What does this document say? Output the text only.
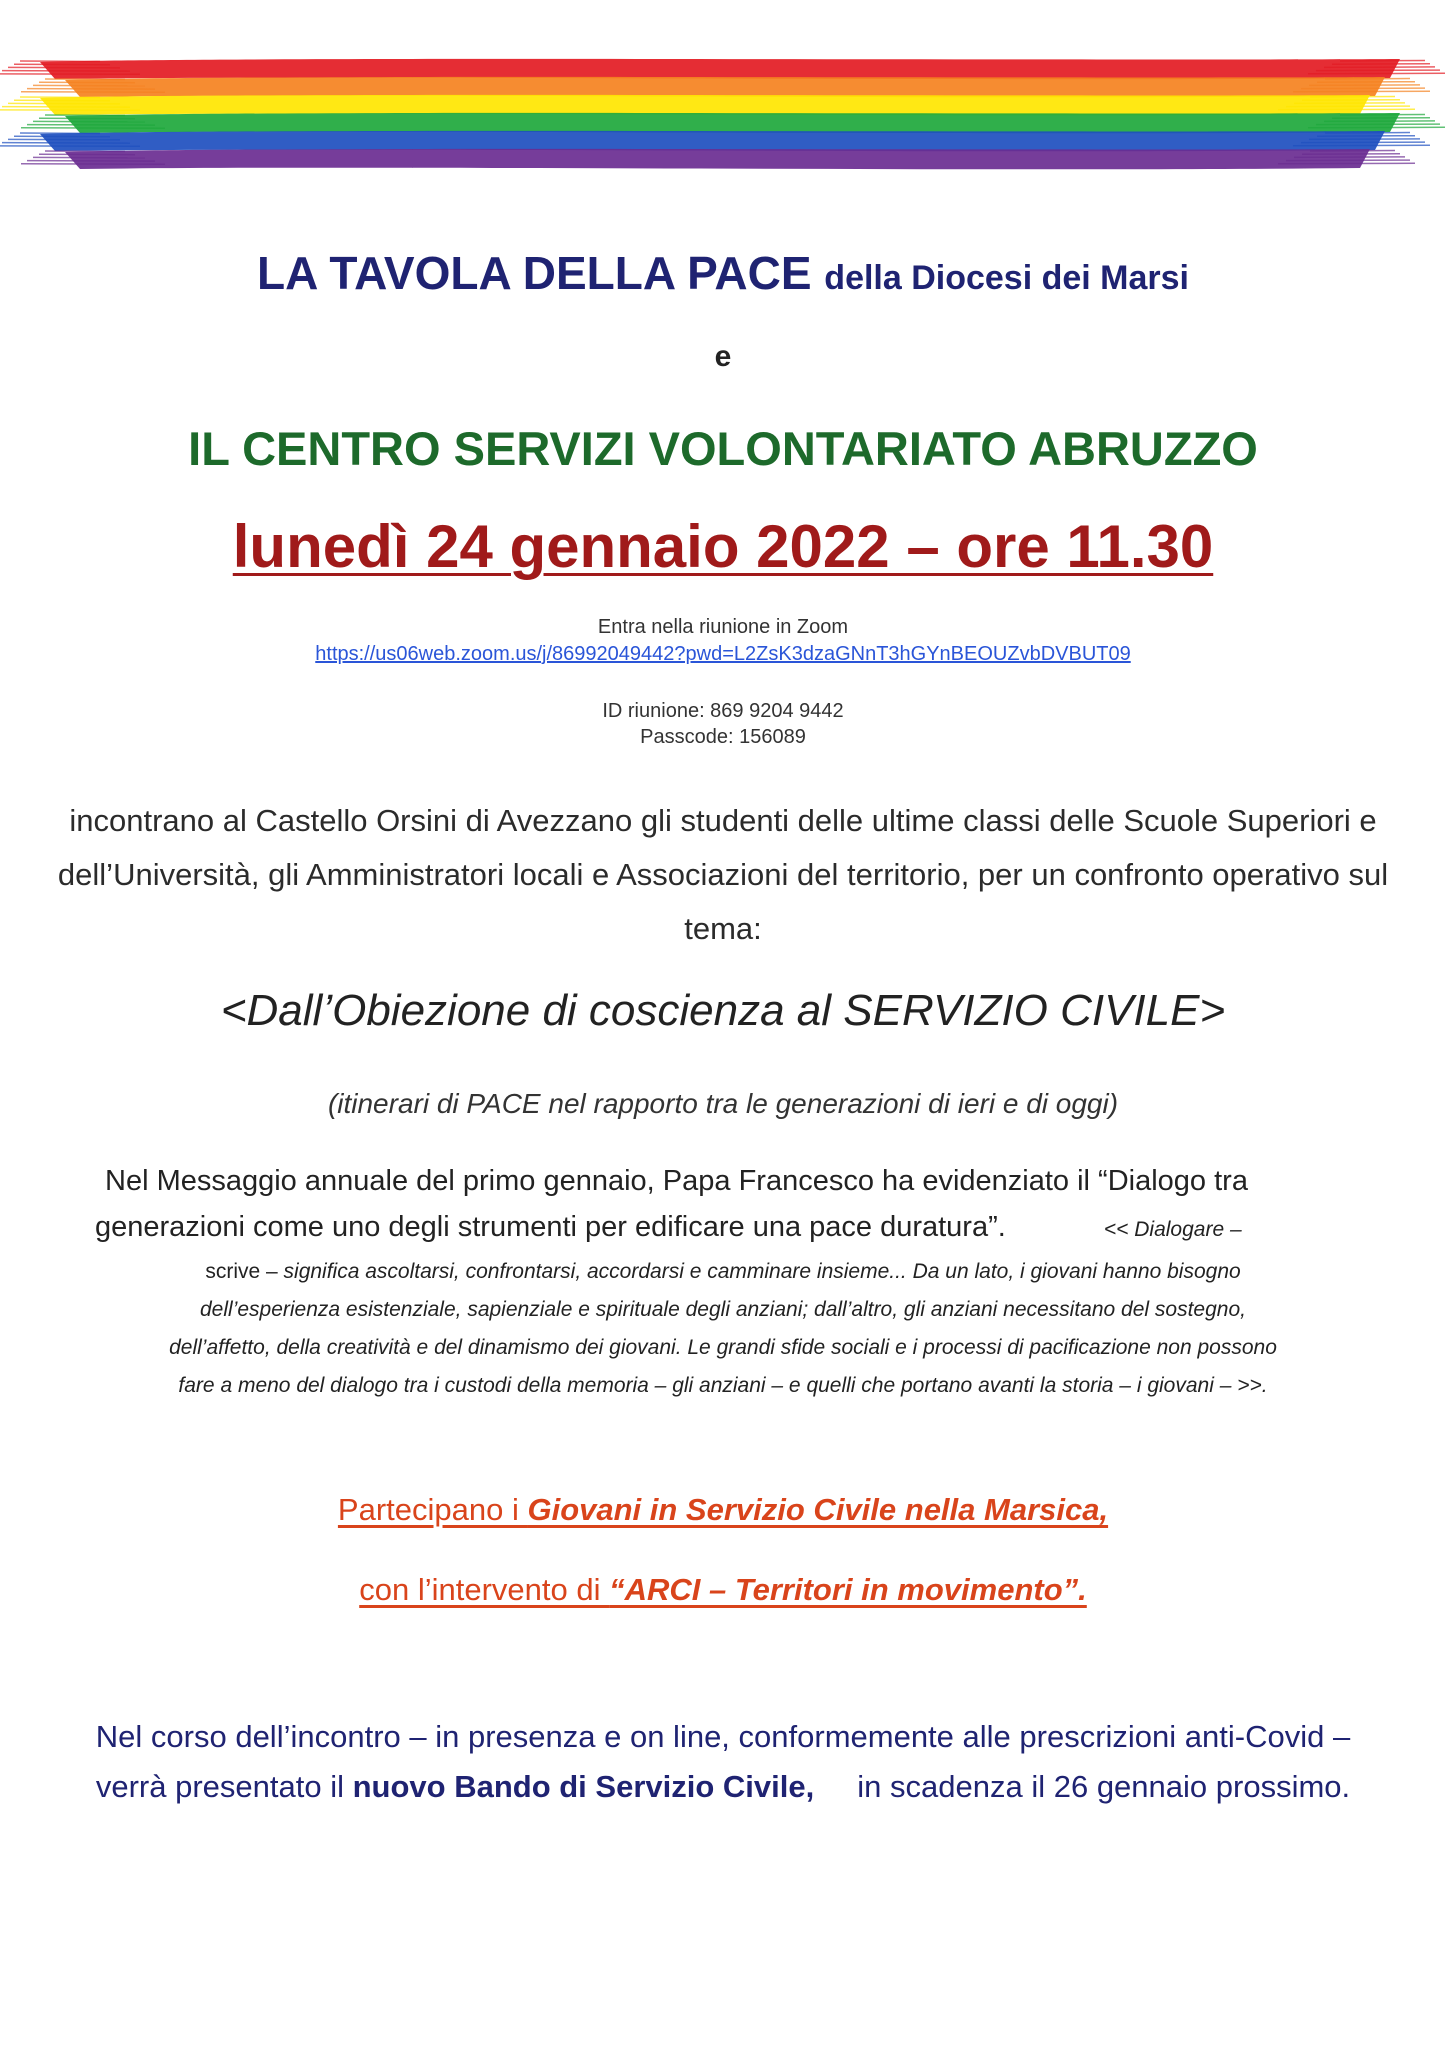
LA TAVOLA DELLA PACE della Diocesi dei Marsi
e
IL CENTRO SERVIZI VOLONTARIATO ABRUZZO
lunedì 24 gennaio 2022 – ore 11.30
Entra nella riunione in Zoom
https://us06web.zoom.us/j/86992049442?pwd=L2ZsK3dzaGNnT3hGYnBEOUZvbDVBUT09
ID riunione: 869 9204 9442
Passcode: 156089
incontrano al Castello Orsini di Avezzano gli studenti delle ultime classi delle Scuole Superiori e dell’Università, gli Amministratori locali e Associazioni del territorio, per un confronto operativo sul tema:
<Dall’Obiezione di coscienza al SERVIZIO CIVILE>
(itinerari di PACE nel rapporto tra le generazioni di ieri e di oggi)
Nel Messaggio annuale del primo gennaio, Papa Francesco ha evidenziato il “Dialogo tra
generazioni come uno degli strumenti per edificare una pace duratura”.	<< Dialogare –
scrive – significa ascoltarsi, confrontarsi, accordarsi e camminare insieme... Da un lato, i giovani hanno bisogno
dell’esperienza esistenziale, sapienziale e spirituale degli anziani; dall’altro, gli anziani necessitano del sostegno,
dell’affetto, della creatività e del dinamismo dei giovani. Le grandi sfide sociali e i processi di pacificazione non possono
fare a meno del dialogo tra i custodi della memoria – gli anziani – e quelli che portano avanti la storia – i giovani – >>.
Partecipano i Giovani in Servizio Civile nella Marsica,
con l’intervento di “ARCI – Territori in movimento”.
Nel corso dell’incontro – in presenza e on line, conformemente alle prescrizioni anti-Covid – verrà presentato il nuovo Bando di Servizio Civile,     in scadenza il 26 gennaio prossimo.
